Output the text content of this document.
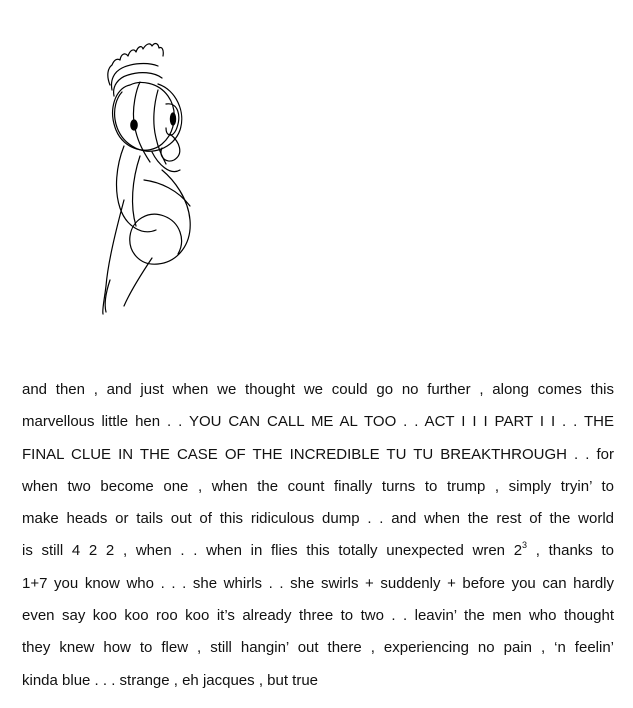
and then , and just when we thought we could go no further , along comes this
marvellous little hen . . YOU CAN CALL ME AL TOO . . ACT I I I PART I I . . THE
FINAL CLUE IN THE CASE OF THE INCREDIBLE TU TU BREAKTHROUGH . . for
when two become one , when the count finally turns to trump , simply tryin’ to
make heads or tails out of this ridiculous dump . . and when the rest of the world
is still 4 2 2 , when . . when in flies this totally unexpected wren $2^3$ , thanks to
1+7 you know who . . . she whirls . . she swirls + suddenly + before you can hardly
even say koo koo roo koo it’s already three to two . . leavin’ the men who thought
they knew how to flew , still hangin’ out there , experiencing no pain , ‘n feelin’
kinda blue . . . strange , eh jacques , but true
